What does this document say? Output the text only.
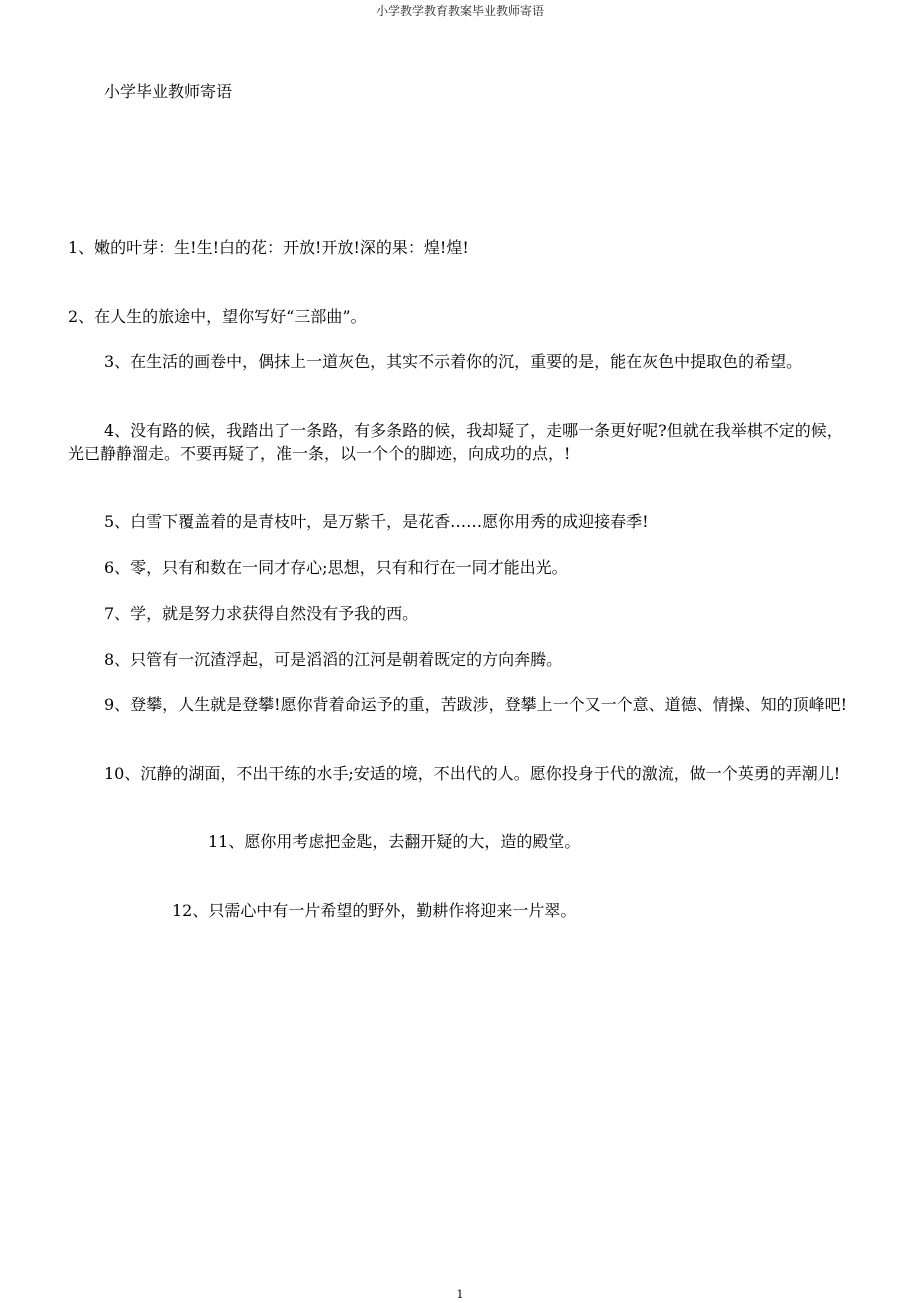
小学教学教育教案毕业教师寄语
小学毕业教师寄语

1、嫩的叶芽：生!生!白的花：开放!开放!深的果：煌!煌!

2、在人生的旅途中，望你写好“三部曲”。

3、在生活的画卷中，偶抹上一道灰色，其实不示着你的沉，重要的是，能在灰色中提取色的希望。

4、没有路的候，我踏出了一条路，有多条路的候，我却疑了，走哪一条更好呢?但就在我举棋不定的候，光已静静溜走。不要再疑了，准一条，以一个个的脚迹，向成功的点，!

5、白雪下覆盖着的是青枝叶，是万紫千，是花香……愿你用秀的成迎接春季!

6、零，只有和数在一同才存心;思想，只有和行在一同才能出光。

7、学，就是努力求获得自然没有予我的西。

8、只管有一沉渣浮起，可是滔滔的江河是朝着既定的方向奔腾。

9、登攀，人生就是登攀!愿你背着命运予的重，苦跋涉，登攀上一个又一个意、道德、情操、知的顶峰吧!

10、沉静的湖面，不出干练的水手;安适的境，不出代的人。愿你投身于代的激流，做一个英勇的弄潮儿!

11、愿你用考虑把金匙，去翻开疑的大，造的殿堂。

12、只需心中有一片希望的野外，勤耕作将迎来一片翠。

1
